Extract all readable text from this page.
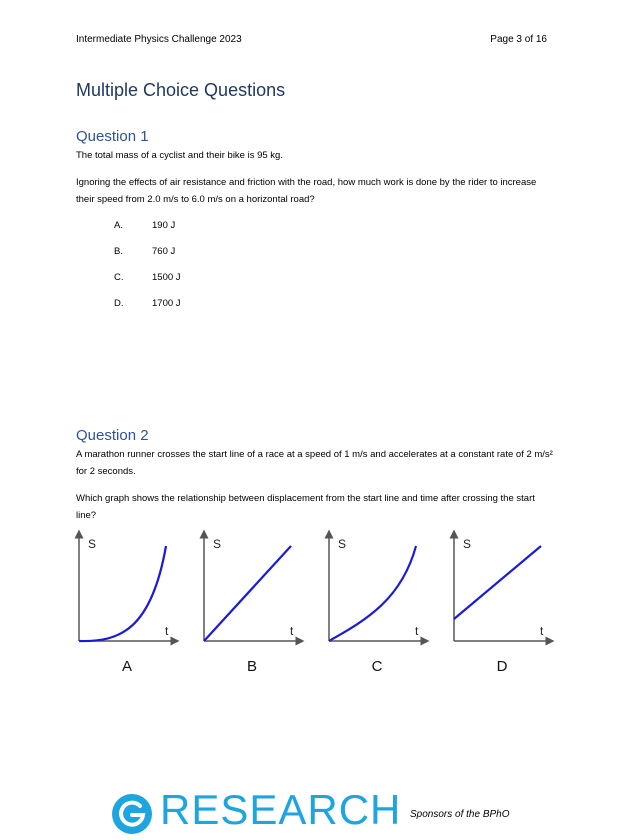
Intermediate Physics Challenge 2023	Page 3 of 16
Multiple Choice Questions
Question 1
The total mass of a cyclist and their bike is 95 kg.
Ignoring the effects of air resistance and friction with the road, how much work is done by the rider to increase their speed from 2.0 m/s to 6.0 m/s on a horizontal road?
A.	190 J
B.	760 J
C.	1500 J
D.	1700 J
Question 2
A marathon runner crosses the start line of a race at a speed of 1 m/s and accelerates at a constant rate of 2 m/s² for 2 seconds.
Which graph shows the relationship between displacement from the start line and time after crossing the start line?
S
t
A
S
t
B
S
t
C
S
t
D
RESEARCH Sponsors of the BPhO
